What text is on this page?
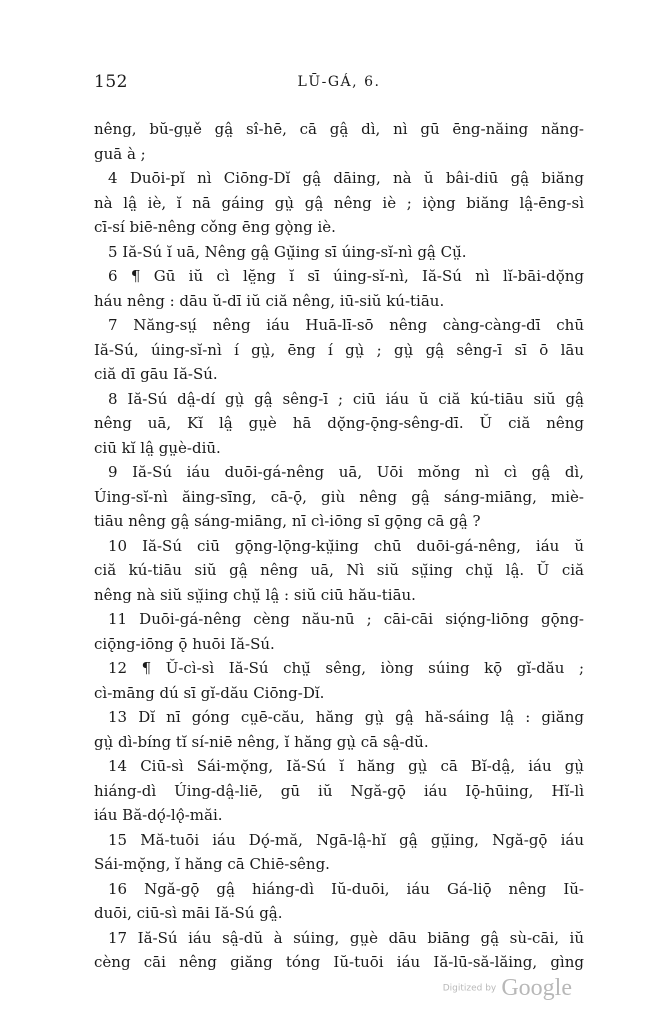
152	LŪ-GÁ, 6.
nêng, bŭ-gṳě gâ̤ sî-hē, cā gâ̤ dì, nì gū ēng-năing năng-
guā à ;
4 Duōi-pĭ nì Ciōng-Dĭ gâ̤ dāing, nà ŭ bâi-diū gâ̤ biăng
nà lâ̤ iè, ĭ nā gáing gṳ̀ gâ̤ nêng iè ; iǫ̀ng biăng lâ̤-ēng-sì
cī-sí biē-nêng cǒng ēng gǫ̀ng iè.
5 Iă-Sú ĭ uā, Nêng gâ̤ Gṳ̆ing sī úing-sĭ-nì gâ̤ Cṳ̆.
6 ¶ Gū iŭ cì lĕ̤ng ĭ sī úing-sĭ-nì, Iă-Sú nì lĭ-bāi-dǫ̆ng
háu nêng : dāu ŭ-dī iŭ ciă nêng, iū-siŭ kú-tiāu.
7 Năng-sṳ́ nêng iáu Huā-lī-sō nêng càng-càng-dī chū
Iă-Sú, úing-sĭ-nì í gṳ̀, ēng í gṳ̀ ; gṳ̀ gâ̤ sêng-ī sī ō lāu
ciă dī gāu Iă-Sú.
8 Iă-Sú dâ̤-dí gṳ̀ gâ̤ sêng-ī ; ciū iáu ŭ ciă kú-tiāu siŭ gâ̤
nêng uā, Kĭ lâ̤ gṳè hā dǫ̆ng-ǭng-sêng-dī. Ŭ ciă nêng
ciū kĭ lâ̤ gṳè-diū.
9 Iă-Sú iáu duōi-gá-nêng uā, Uōi mŏng nì cì gâ̤ dì,
Úing-sĭ-nì ăing-sīng, cā-ǭ, giù nêng gâ̤ sáng-miāng, miè-
tiāu nêng gâ̤ sáng-miāng, nī cì-iōng sī gǭng cā gâ̤ ?
10 Iă-Sú ciū gǭng-lǭng-kṳ̆ing chū duōi-gá-nêng, iáu ŭ
ciă kú-tiāu siŭ gâ̤ nêng uā, Nì siŭ sṳ̆ing chṳ̆ lâ̤. Ŭ ciă
nêng nà siŭ sṳ̆ing chṳ̆ lâ̤ : siŭ ciū hău-tiāu.
11 Duōi-gá-nêng cèng nău-nū ; cāi-cāi siǫ́ng-liōng gǭng-
ciǭng-iōng ǭ huōi Iă-Sú.
12 ¶ Ŭ-cì-sì Iă-Sú chṳ̆ sêng, iòng súing kǭ gĭ-dău ;
cì-māng dú sī gĭ-dău Ciōng-Dĭ.
13 Dĭ nī góng cṳē-cău, hăng gṳ̀ gâ̤ hă-sáing lâ̤ : giăng
gṳ̀ dì-bíng tĭ sí-niē nêng, ĭ hăng gṳ̀ cā sâ̤-dŭ.
14 Ciū-sì Sái-mǫ̆ng, Iă-Sú ĭ hăng gṳ̀ cā Bĭ-dâ̤, iáu gṳ̀
hiáng-dì Úing-dâ̤-liē, gū iŭ Ngă-gǭ iáu Iǭ-hūing, Hĭ-lì
iáu Bă-dǫ́-lǫ̂-măi.
15 Mă-tuōi iáu Dǫ́-mă, Ngā-lâ̤-hĭ gâ̤ gṳ̆ing, Ngă-gǭ iáu
Sái-mǫ̆ng, ĭ hăng cā Chiē-sêng.
16 Ngă-gǭ gâ̤ hiáng-dì Iŭ-duōi, iáu Gá-liǭ nêng Iŭ-
duōi, ciū-sì māi Iă-Sú gâ̤.
17 Iă-Sú iáu sâ̤-dŭ à súing, gṳè dāu biāng gâ̤ sù-cāi, iŭ
cèng cāi nêng giăng tóng Iŭ-tuōi iáu Iă-lū-să-lăing, gìng
Digitized by Google
